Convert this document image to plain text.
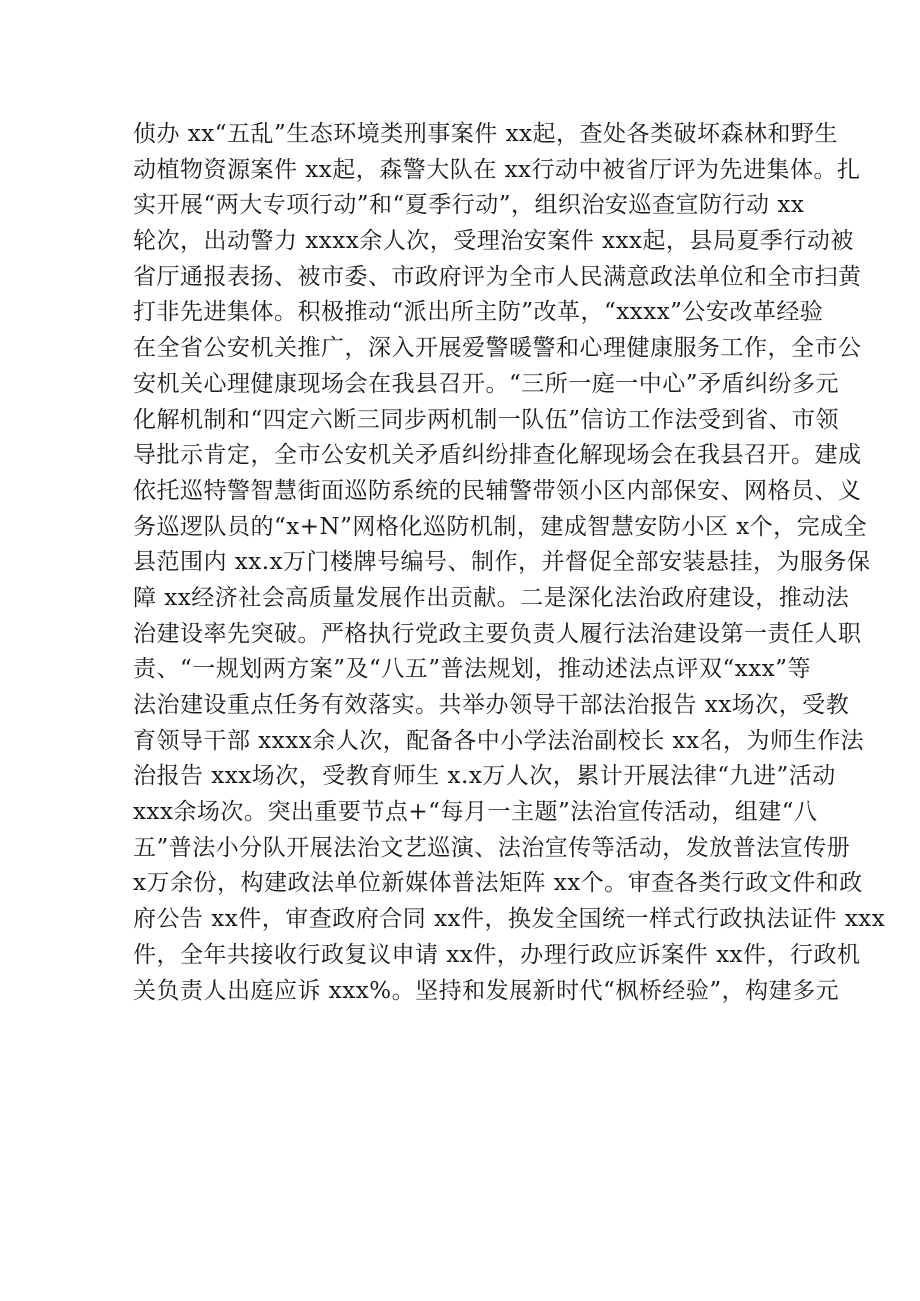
侦办 xx“五乱”生态环境类刑事案件 xx起，查处各类破坏森林和野生
动植物资源案件 xx起，森警大队在 xx行动中被省厅评为先进集体。扎
实开展“两大专项行动”和“夏季行动”，组织治安巡查宣防行动 xx
轮次，出动警力 xxxx余人次，受理治安案件 xxx起，县局夏季行动被
省厅通报表扬、被市委、市政府评为全市人民满意政法单位和全市扫黄
打非先进集体。积极推动“派出所主防”改革，“xxxx”公安改革经验
在全省公安机关推广，深入开展爱警暖警和心理健康服务工作，全市公
安机关心理健康现场会在我县召开。“三所一庭一中心”矛盾纠纷多元
化解机制和“四定六断三同步两机制一队伍”信访工作法受到省、市领
导批示肯定，全市公安机关矛盾纠纷排查化解现场会在我县召开。建成
依托巡特警智慧街面巡防系统的民辅警带领小区内部保安、网格员、义
务巡逻队员的“x+N”网格化巡防机制，建成智慧安防小区 x个，完成全
县范围内 xx.x万门楼牌号编号、制作，并督促全部安装悬挂，为服务保
障 xx经济社会高质量发展作出贡献。二是深化法治政府建设，推动法
治建设率先突破。严格执行党政主要负责人履行法治建设第一责任人职
责、“一规划两方案”及“八五”普法规划，推动述法点评双“xxx”等
法治建设重点任务有效落实。共举办领导干部法治报告 xx场次，受教
育领导干部 xxxx余人次，配备各中小学法治副校长 xx名，为师生作法
治报告 xxx场次，受教育师生 x.x万人次，累计开展法律“九进”活动
xxx余场次。突出重要节点+“每月一主题”法治宣传活动，组建“八
五”普法小分队开展法治文艺巡演、法治宣传等活动，发放普法宣传册
x万余份，构建政法单位新媒体普法矩阵 xx个。审查各类行政文件和政
府公告 xx件，审查政府合同 xx件，换发全国统一样式行政执法证件 xxx
件，全年共接收行政复议申请 xx件，办理行政应诉案件 xx件，行政机
关负责人出庭应诉 xxx%。坚持和发展新时代“枫桥经验”，构建多元
